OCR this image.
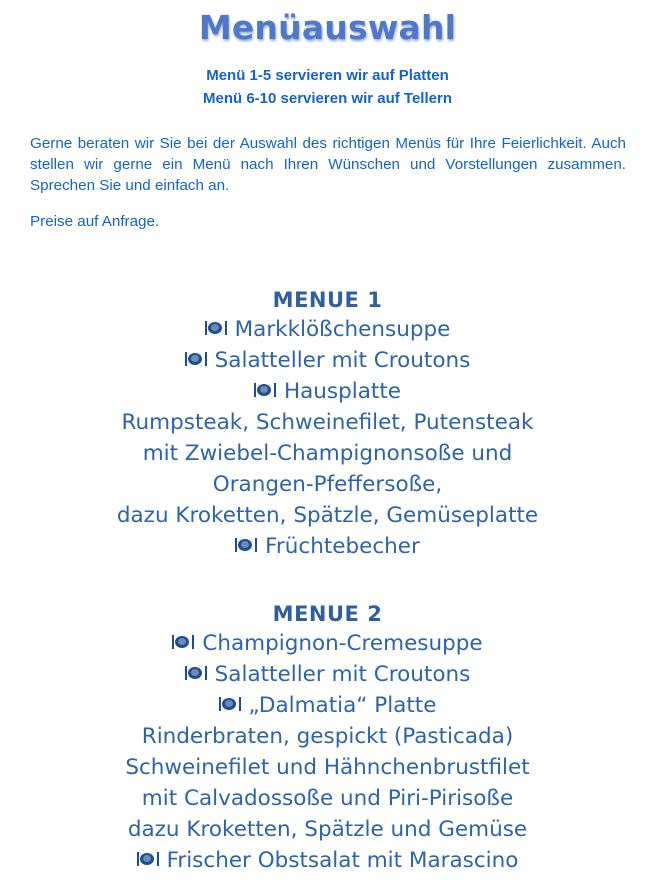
Menüauswahl
Menü 1-5 servieren wir auf Platten
Menü 6-10 servieren wir auf Tellern

Gerne beraten wir Sie bei der Auswahl des richtigen Menüs für Ihre Feierlichkeit. Auch stellen wir gerne ein Menü nach Ihren Wünschen und Vorstellungen zusammen. Sprechen Sie und einfach an.

Preise auf Anfrage.

MENUE 1
Markklößchensuppe
Salatteller mit Croutons
Hausplatte
Rumpsteak, Schweinefilet, Putensteak
mit Zwiebel-Champignonsoße und
Orangen-Pfeffersoße,
dazu Kroketten, Spätzle, Gemüseplatte
Früchtebecher
MENUE 2
Champignon-Cremesuppe
Salatteller mit Croutons
„Dalmatia“ Platte
Rinderbraten, gespickt (Pasticada)
Schweinefilet und Hähnchenbrustfilet
mit Calvadossoße und Piri-Pirisoße
dazu Kroketten, Spätzle und Gemüse
Frischer Obstsalat mit Marascino
